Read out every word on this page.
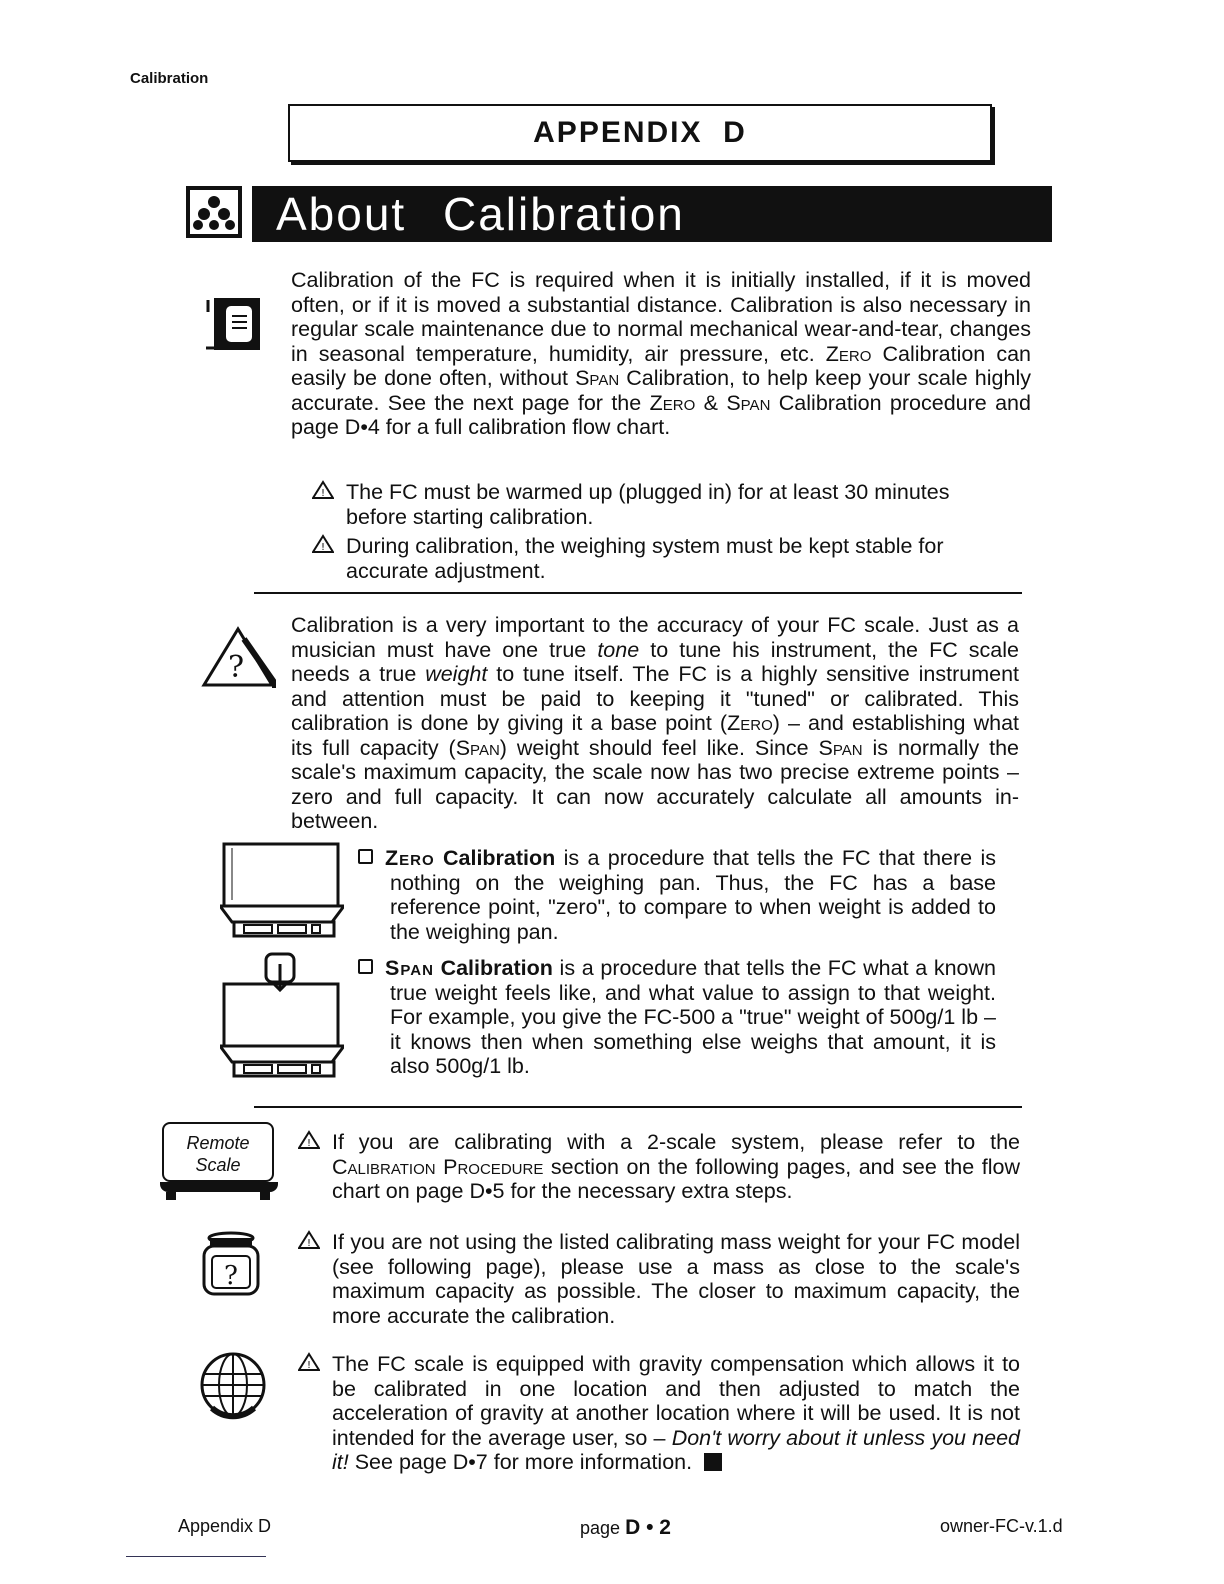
Calibration
APPENDIX  D
About Calibration
Calibration of the FC is required when it is initially installed, if it is moved often, or if it is moved a substantial distance. Calibration is also necessary in regular scale maintenance due to normal mechanical wear-and-tear, changes in seasonal temperature, humidity, air pressure, etc. Zero Calibration can easily be done often, without Span Calibration, to help keep your scale highly accurate. See the next page for the Zero & Span Calibration procedure and page D•4 for a full calibration flow chart.
! The FC must be warmed up (plugged in) for at least 30 minutes before starting calibration.
! During calibration, the weighing system must be kept stable for accurate adjustment.
?
Calibration is a very important to the accuracy of your FC scale. Just as a musician must have one true tone to tune his instrument, the FC scale needs a true weight to tune itself. The FC is a highly sensitive instrument and attention must be paid to keeping it "tuned" or calibrated. This calibration is done by giving it a base point (Zero) – and establishing what its full capacity (Span) weight should feel like. Since Span is normally the scale's maximum capacity, the scale now has two precise extreme points – zero and full capacity. It can now accurately calculate all amounts in-between.
Zero Calibration is a procedure that tells the FC that there is nothing on the weighing pan. Thus, the FC has a base reference point, "zero", to compare to when weight is added to the weighing pan.
Span Calibration is a procedure that tells the FC what a known true weight feels like, and what value to assign to that weight. For example, you give the FC-500 a "true" weight of 500g/1 lb – it knows then when something else weighs that amount, it is also 500g/1 lb.
Remote
Scale
! If you are calibrating with a 2-scale system, please refer to the Calibration Procedure section on the following pages, and see the flow chart on page D•5 for the necessary extra steps.
?
! If you are not using the listed calibrating mass weight for your FC model (see following page), please use a mass as close to the scale's maximum capacity as possible. The closer to maximum capacity, the more accurate the calibration.
! The FC scale is equipped with gravity compensation which allows it to be calibrated in one location and then adjusted to match the acceleration of gravity at another location where it will be used. It is not intended for the average user, so – Don't worry about it unless you need it! See page D•7 for more information.
Appendix D	page D • 2	owner-FC-v.1.d
